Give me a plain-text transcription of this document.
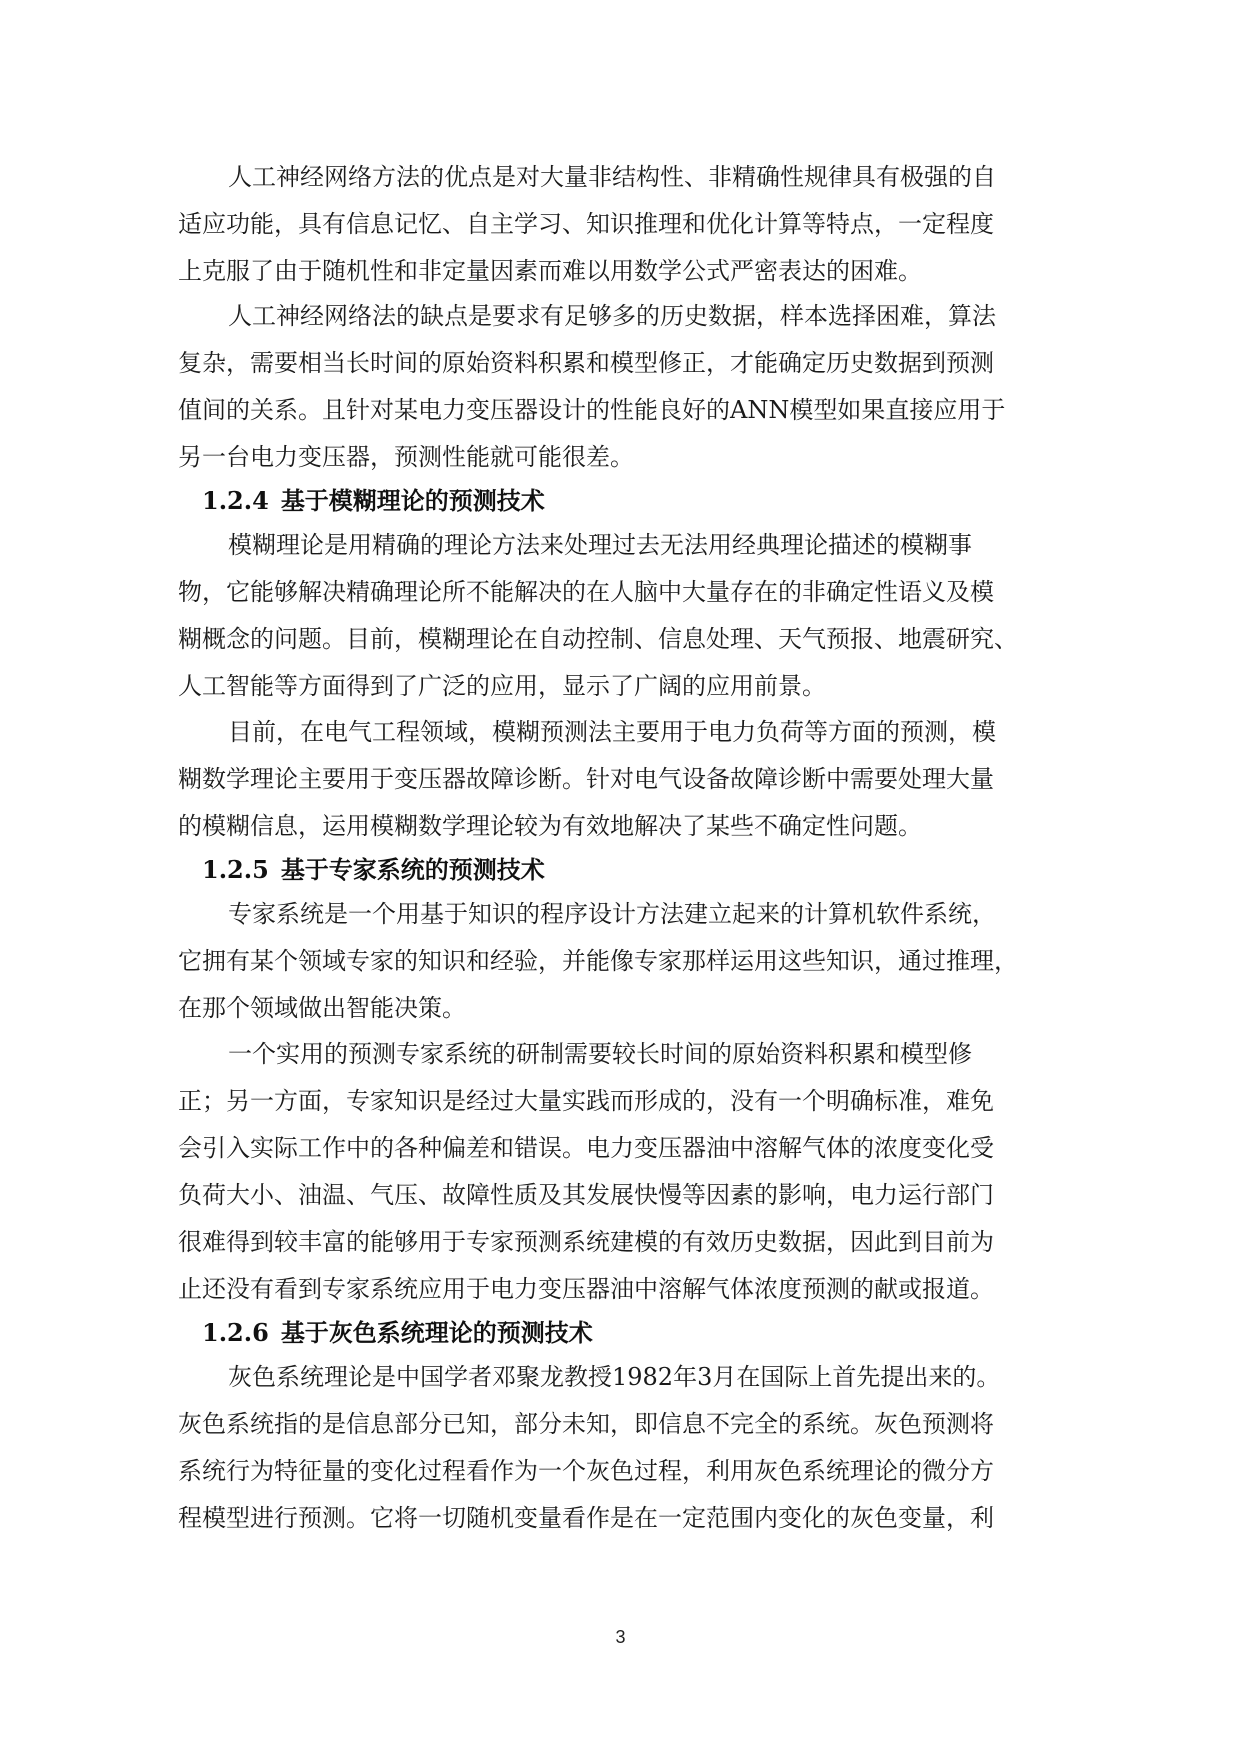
人工神经网络方法的优点是对大量非结构性、非精确性规律具有极强的自
适应功能，具有信息记忆、自主学习、知识推理和优化计算等特点，一定程度
上克服了由于随机性和非定量因素而难以用数学公式严密表达的困难。
人工神经网络法的缺点是要求有足够多的历史数据，样本选择困难，算法
复杂，需要相当长时间的原始资料积累和模型修正，才能确定历史数据到预测
值间的关系。且针对某电力变压器设计的性能良好的ANN模型如果直接应用于
另一台电力变压器，预测性能就可能很差。
1.2.4 基于模糊理论的预测技术
模糊理论是用精确的理论方法来处理过去无法用经典理论描述的模糊事
物，它能够解决精确理论所不能解决的在人脑中大量存在的非确定性语义及模
糊概念的问题。目前，模糊理论在自动控制、信息处理、天气预报、地震研究、
人工智能等方面得到了广泛的应用，显示了广阔的应用前景。
目前，在电气工程领域，模糊预测法主要用于电力负荷等方面的预测，模
糊数学理论主要用于变压器故障诊断。针对电气设备故障诊断中需要处理大量
的模糊信息，运用模糊数学理论较为有效地解决了某些不确定性问题。
1.2.5 基于专家系统的预测技术
专家系统是一个用基于知识的程序设计方法建立起来的计算机软件系统，
它拥有某个领域专家的知识和经验，并能像专家那样运用这些知识，通过推理，
在那个领域做出智能决策。
一个实用的预测专家系统的研制需要较长时间的原始资料积累和模型修
正；另一方面，专家知识是经过大量实践而形成的，没有一个明确标准，难免
会引入实际工作中的各种偏差和错误。电力变压器油中溶解气体的浓度变化受
负荷大小、油温、气压、故障性质及其发展快慢等因素的影响，电力运行部门
很难得到较丰富的能够用于专家预测系统建模的有效历史数据，因此到目前为
止还没有看到专家系统应用于电力变压器油中溶解气体浓度预测的献或报道。
1.2.6 基于灰色系统理论的预测技术
灰色系统理论是中国学者邓聚龙教授1982年3月在国际上首先提出来的。
灰色系统指的是信息部分已知，部分未知，即信息不完全的系统。灰色预测将
系统行为特征量的变化过程看作为一个灰色过程，利用灰色系统理论的微分方
程模型进行预测。它将一切随机变量看作是在一定范围内变化的灰色变量，利
3
